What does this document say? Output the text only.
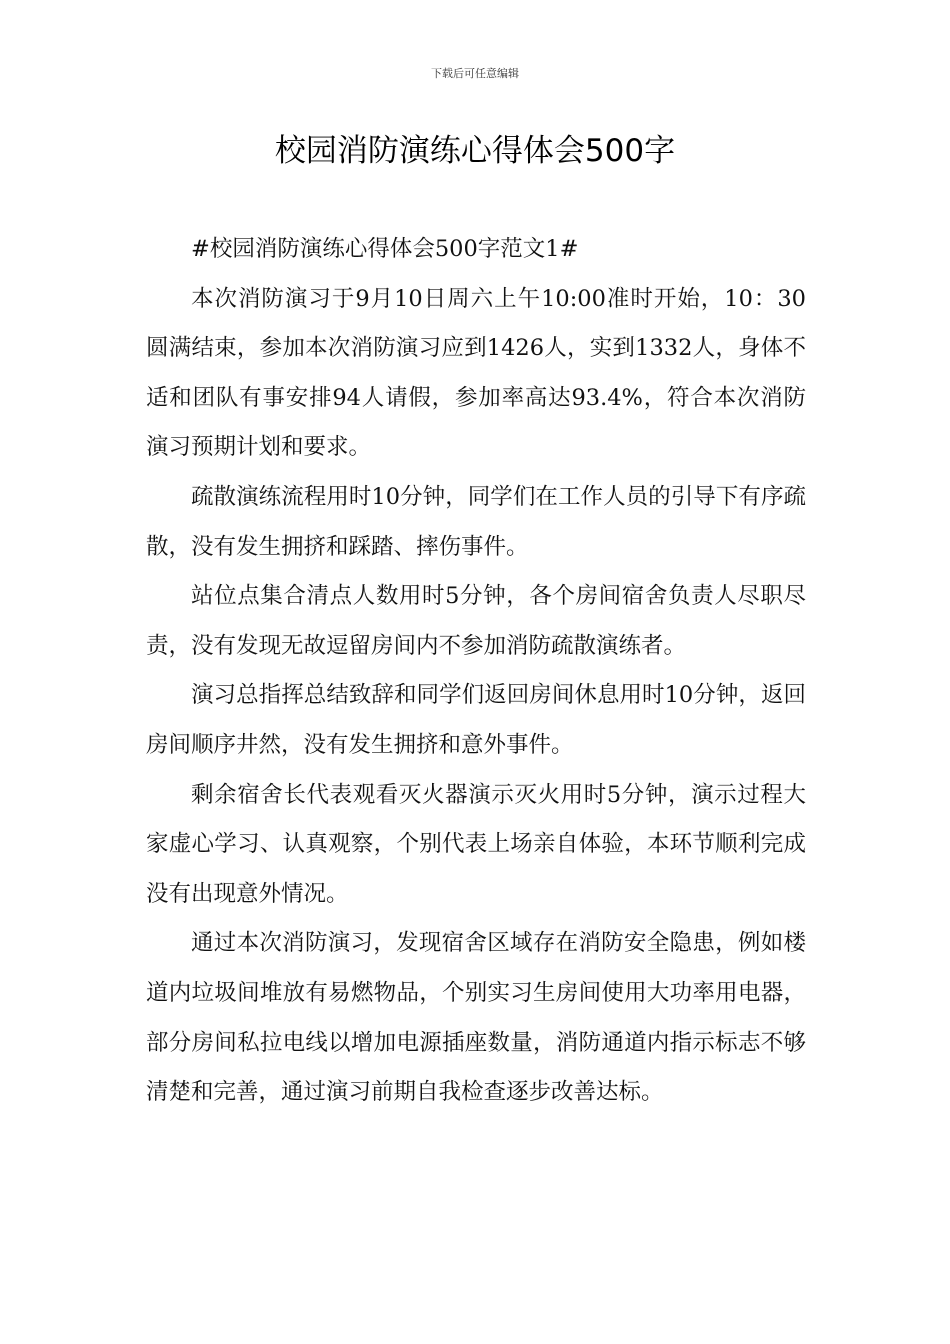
下载后可任意编辑
校园消防演练心得体会500字

#校园消防演练心得体会500字范文1#

本次消防演习于9月10日周六上午10:00准时开始，10：30圆满结束，参加本次消防演习应到1426人，实到1332人，身体不适和团队有事安排94人请假，参加率高达93.4%，符合本次消防演习预期计划和要求。

疏散演练流程用时10分钟，同学们在工作人员的引导下有序疏散，没有发生拥挤和踩踏、摔伤事件。

站位点集合清点人数用时5分钟，各个房间宿舍负责人尽职尽责，没有发现无故逗留房间内不参加消防疏散演练者。

演习总指挥总结致辞和同学们返回房间休息用时10分钟，返回房间顺序井然，没有发生拥挤和意外事件。

剩余宿舍长代表观看灭火器演示灭火用时5分钟，演示过程大家虚心学习、认真观察，个别代表上场亲自体验，本环节顺利完成没有出现意外情况。

通过本次消防演习，发现宿舍区域存在消防安全隐患，例如楼道内垃圾间堆放有易燃物品，个别实习生房间使用大功率用电器，部分房间私拉电线以增加电源插座数量，消防通道内指示标志不够清楚和完善，通过演习前期自我检查逐步改善达标。
